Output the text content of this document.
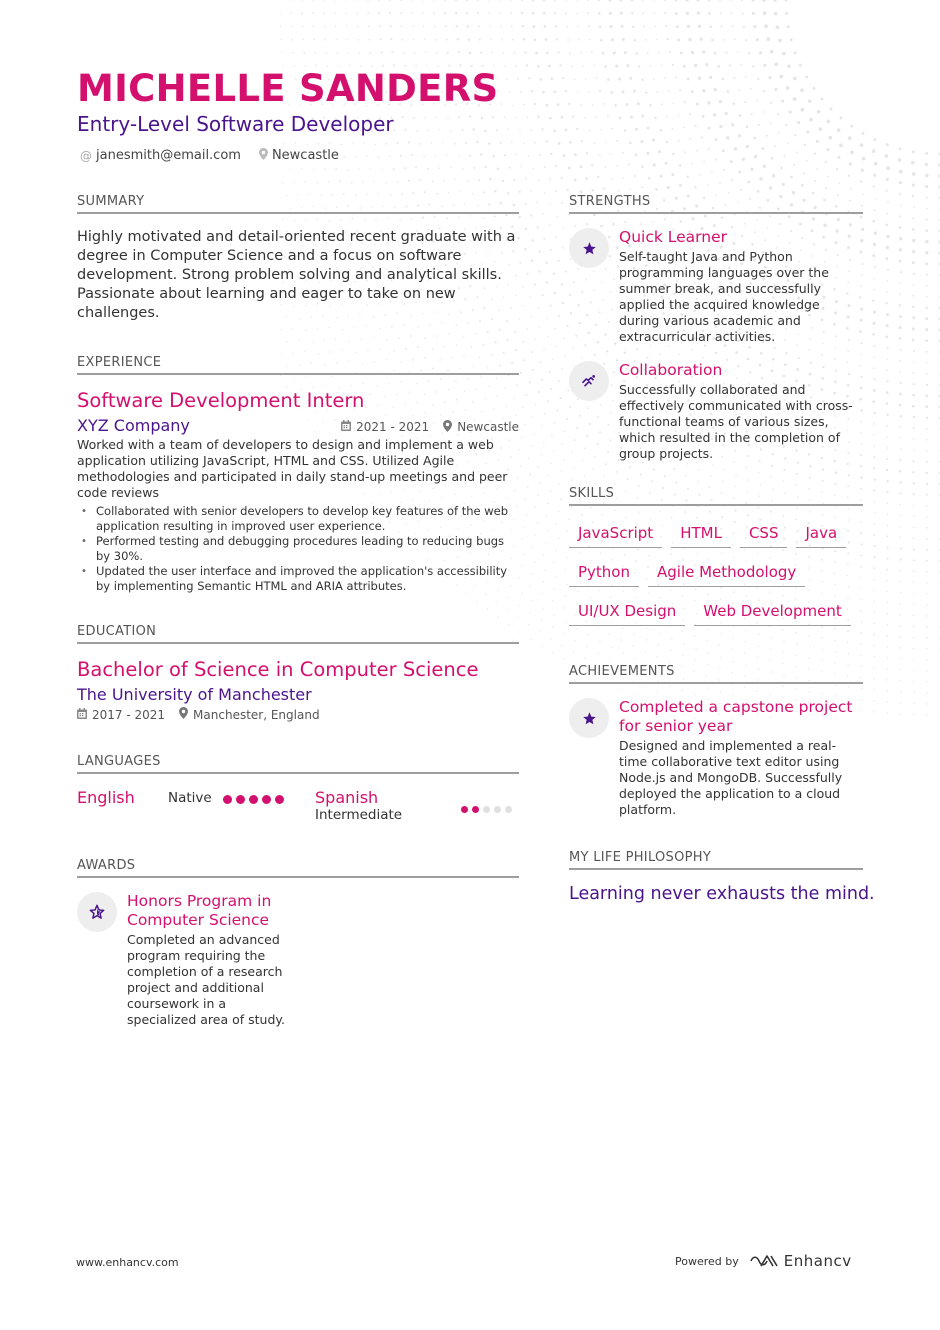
MICHELLE SANDERS
Entry-Level Software Developer
@ janesmith@email.com Newcastle
SUMMARY
Highly motivated and detail-oriented recent graduate with a degree in Computer Science and a focus on software development. Strong problem solving and analytical skills. Passionate about learning and eager to take on new challenges.
EXPERIENCE
Software Development Intern
XYZ Company	2021 - 2021 Newcastle
Worked with a team of developers to design and implement a web application utilizing JavaScript, HTML and CSS. Utilized Agile methodologies and participated in daily stand-up meetings and peer code reviews
• Collaborated with senior developers to develop key features of the web application resulting in improved user experience.
• Performed testing and debugging procedures leading to reducing bugs by 30%.
• Updated the user interface and improved the application's accessibility by implementing Semantic HTML and ARIA attributes.
EDUCATION
Bachelor of Science in Computer Science
The University of Manchester
2017 - 2021 Manchester, England
LANGUAGES
English Native	Spanish
Intermediate
AWARDS
Honors Program in Computer Science
Completed an advanced program requiring the completion of a research project and additional coursework in a specialized area of study.
STRENGTHS
Quick Learner
Self-taught Java and Python programming languages over the summer break, and successfully applied the acquired knowledge during various academic and extracurricular activities.
Collaboration
Successfully collaborated and effectively communicated with cross-functional teams of various sizes, which resulted in the completion of group projects.
SKILLS
JavaScript	HTML	CSS	Java
Python	Agile Methodology
UI/UX Design	Web Development
ACHIEVEMENTS
Completed a capstone project for senior year
Designed and implemented a real-time collaborative text editor using Node.js and MongoDB. Successfully deployed the application to a cloud platform.
MY LIFE PHILOSOPHY
Learning never exhausts the mind.
www.enhancv.com	Powered by	Enhancv
